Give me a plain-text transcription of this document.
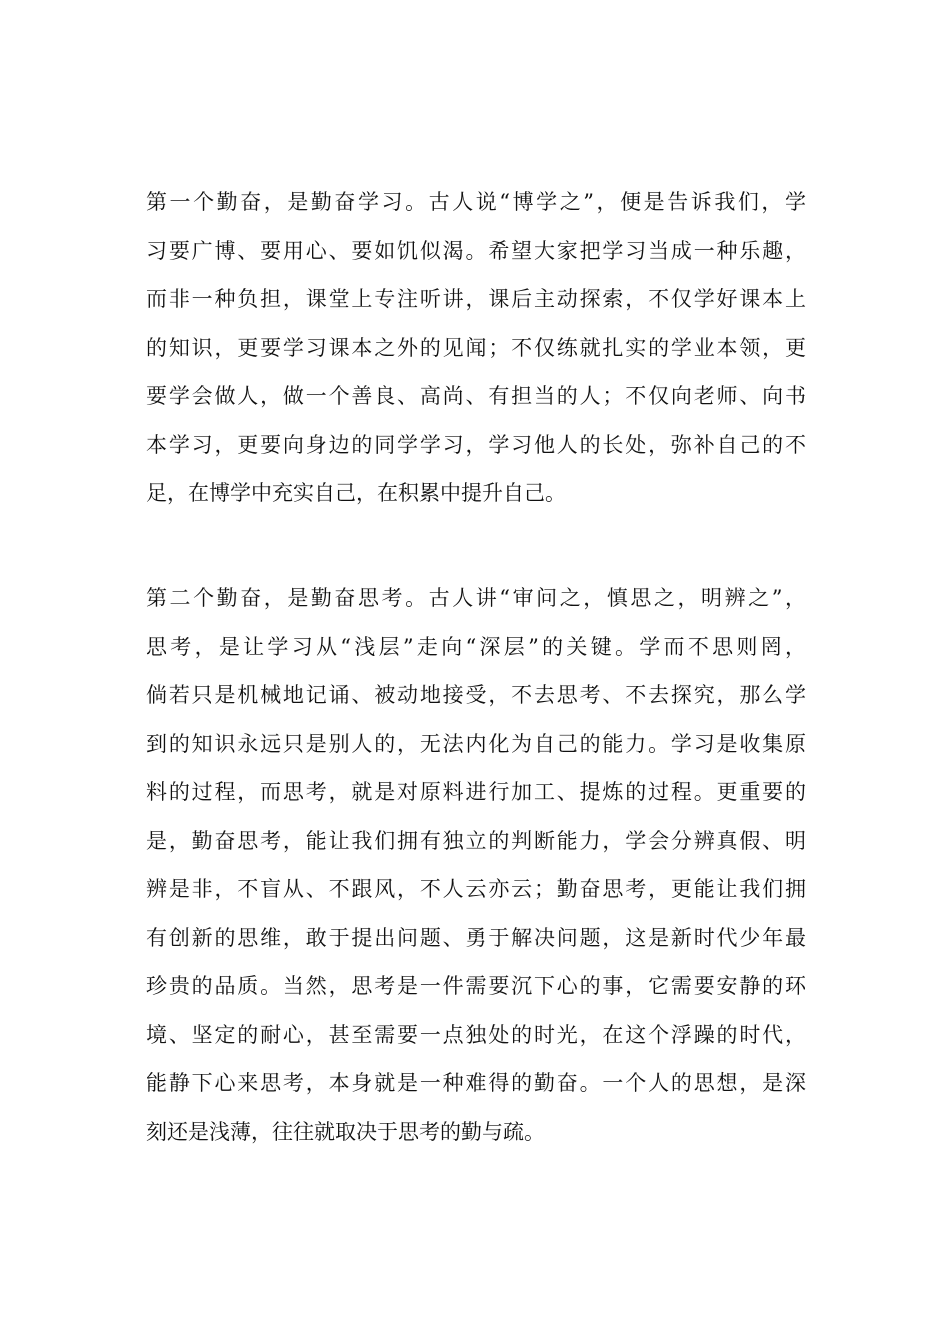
第一个勤奋，是勤奋学习。古人说“博学之”，便是告诉我们，学
习要广博、要用心、要如饥似渴。希望大家把学习当成一种乐趣，
而非一种负担，课堂上专注听讲，课后主动探索，不仅学好课本上
的知识，更要学习课本之外的见闻；不仅练就扎实的学业本领，更
要学会做人，做一个善良、高尚、有担当的人；不仅向老师、向书
本学习，更要向身边的同学学习，学习他人的长处，弥补自己的不
足，在博学中充实自己，在积累中提升自己。
第二个勤奋，是勤奋思考。古人讲“审问之，慎思之，明辨之”，
思考，是让学习从“浅层”走向“深层”的关键。学而不思则罔，
倘若只是机械地记诵、被动地接受，不去思考、不去探究，那么学
到的知识永远只是别人的，无法内化为自己的能力。学习是收集原
料的过程，而思考，就是对原料进行加工、提炼的过程。更重要的
是，勤奋思考，能让我们拥有独立的判断能力，学会分辨真假、明
辨是非，不盲从、不跟风，不人云亦云；勤奋思考，更能让我们拥
有创新的思维，敢于提出问题、勇于解决问题，这是新时代少年最
珍贵的品质。当然，思考是一件需要沉下心的事，它需要安静的环
境、坚定的耐心，甚至需要一点独处的时光，在这个浮躁的时代，
能静下心来思考，本身就是一种难得的勤奋。一个人的思想，是深
刻还是浅薄，往往就取决于思考的勤与疏。
